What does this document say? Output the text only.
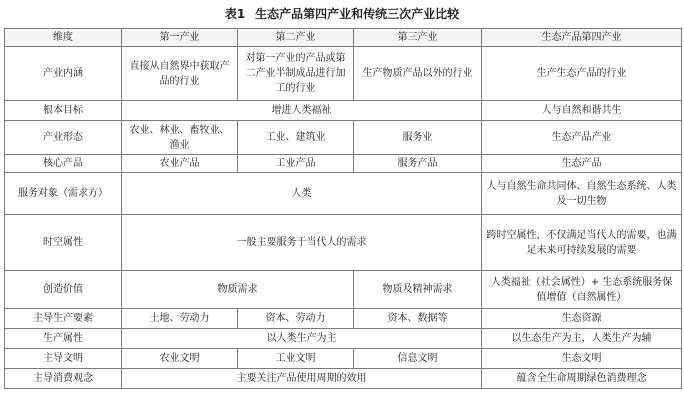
表1 生态产品第四产业和传统三次产业比较
维度	第一产业	第二产业	第三产业	生态产品第四产业
产业内涵	直接从自然界中获取产品的行业	对第一产业的产品或第二产业半制成品进行加工的行业	生产物质产品以外的行业	生产生态产品的行业
根本目标	增进人类福祉			人与自然和谐共生
产业形态	农业、林业、畜牧业、渔业	工业、建筑业	服务业	生态产品产业
核心产品	农业产品	工业产品	服务产品	生态产品
服务对象（需求方）	人类			人与自然生命共同体、自然生态系统、人类及一切生物
时空属性	一般主要服务于当代人的需求			跨时空属性，不仅满足当代人的需要，也满足未来可持续发展的需要
创造价值	物质需求		物质及精神需求	人类福祉（社会属性）+ 生态系统服务保值增值（自然属性）
主导生产要素	土地、劳动力	资本、劳动力	资本、数据等	生态资源
生产属性	以人类生产为主			以生态生产为主，人类生产为辅
主导文明	农业文明	工业文明	信息文明	生态文明
主导消费观念	主要关注产品使用周期的效用			蕴含全生命周期绿色消费理念
